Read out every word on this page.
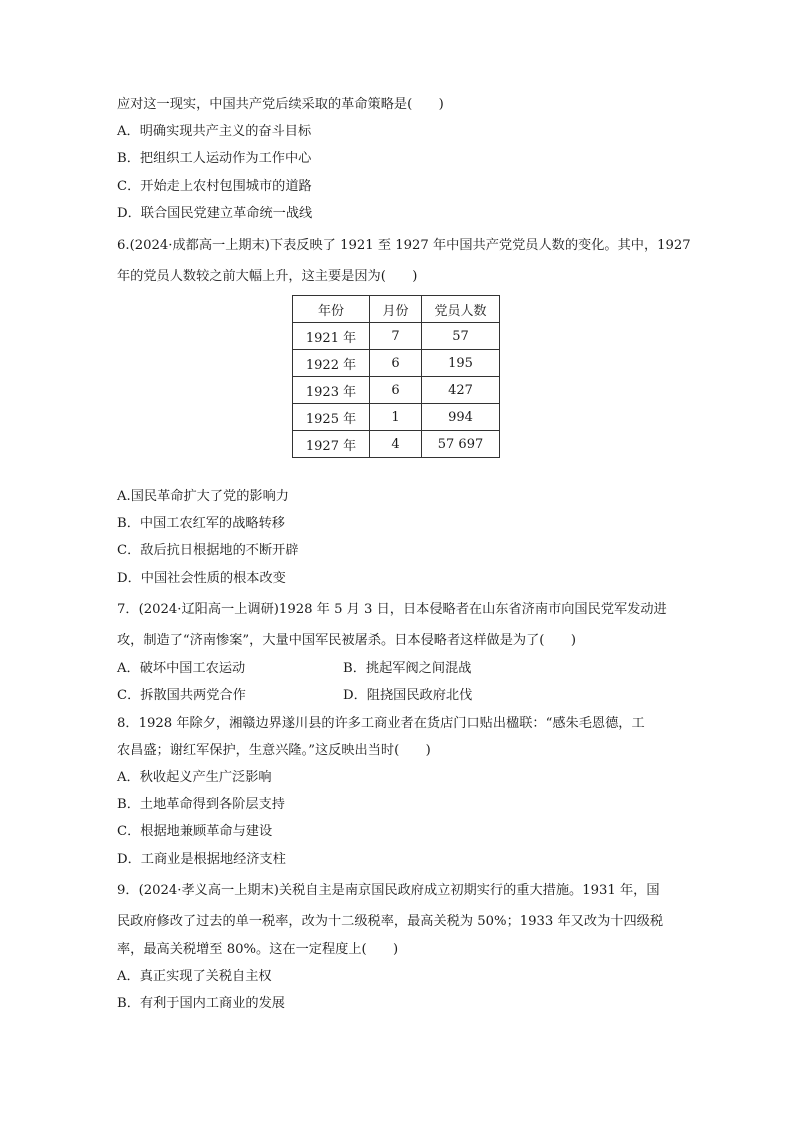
应对这一现实，中国共产党后续采取的革命策略是(　　)
A．明确实现共产主义的奋斗目标
B．把组织工人运动作为工作中心
C．开始走上农村包围城市的道路
D．联合国民党建立革命统一战线
6.(2024·成都高一上期末)下表反映了 1921 至 1927 年中国共产党党员人数的变化。其中，1927
年的党员人数较之前大幅上升，这主要是因为(　　)
年份	月份	党员人数
1921 年	7	57
1922 年	6	195
1923 年	6	427
1925 年	1	994
1927 年	4	57 697
A.国民革命扩大了党的影响力
B．中国工农红军的战略转移
C．敌后抗日根据地的不断开辟
D．中国社会性质的根本改变
7．(2024·辽阳高一上调研)1928 年 5 月 3 日，日本侵略者在山东省济南市向国民党军发动进
攻，制造了“济南惨案”，大量中国军民被屠杀。日本侵略者这样做是为了(　　)
A．破坏中国工农运动	B．挑起军阀之间混战
C．拆散国共两党合作	D．阻挠国民政府北伐
8．1928 年除夕，湘赣边界遂川县的许多工商业者在货店门口贴出楹联：“感朱毛恩德，工
农昌盛；谢红军保护，生意兴隆。”这反映出当时(　　)
A．秋收起义产生广泛影响
B．土地革命得到各阶层支持
C．根据地兼顾革命与建设
D．工商业是根据地经济支柱
9．(2024·孝义高一上期末)关税自主是南京国民政府成立初期实行的重大措施。1931 年，国
民政府修改了过去的单一税率，改为十二级税率，最高关税为 50%；1933 年又改为十四级税
率，最高关税增至 80%。这在一定程度上(　　)
A．真正实现了关税自主权
B．有利于国内工商业的发展
